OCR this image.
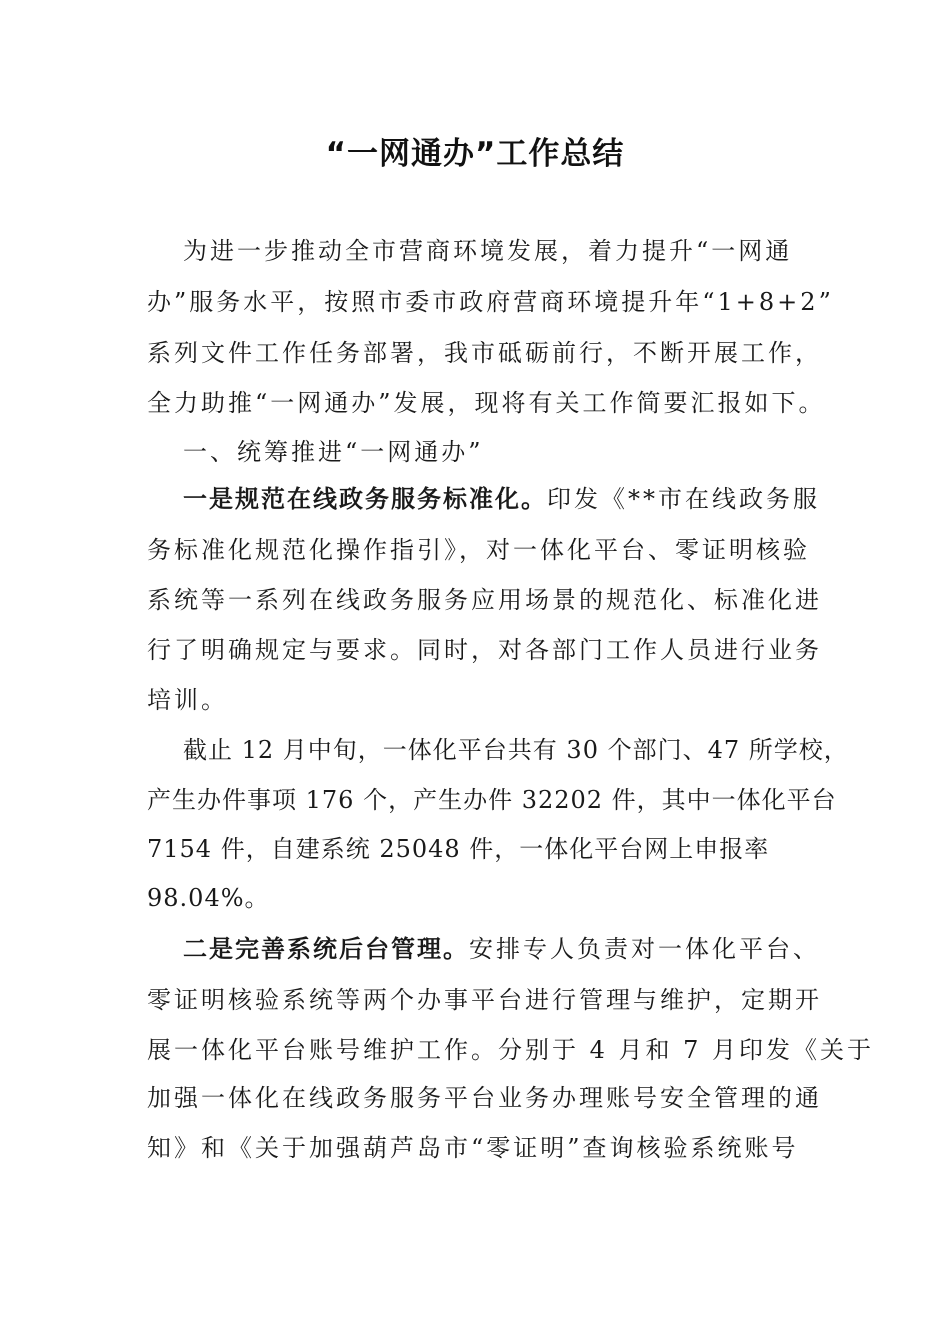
“一网通办”工作总结
为进一步推动全市营商环境发展，着力提升“一网通
办”服务水平，按照市委市政府营商环境提升年“1+8+2”
系列文件工作任务部署，我市砥砺前行，不断开展工作，
全力助推“一网通办”发展，现将有关工作简要汇报如下。
一、统筹推进“一网通办”
一是规范在线政务服务标准化。印发《**市在线政务服
务标准化规范化操作指引》，对一体化平台、零证明核验
系统等一系列在线政务服务应用场景的规范化、标准化进
行了明确规定与要求。同时，对各部门工作人员进行业务
培训。
截止 12 月中旬，一体化平台共有 30 个部门、47 所学校，
产生办件事项 176 个，产生办件 32202 件，其中一体化平台
7154 件，自建系统 25048 件，一体化平台网上申报率
98.04%。
二是完善系统后台管理。安排专人负责对一体化平台、
零证明核验系统等两个办事平台进行管理与维护，定期开
展一体化平台账号维护工作。分别于 4 月和 7 月印发《关于
加强一体化在线政务服务平台业务办理账号安全管理的通
知》和《关于加强葫芦岛市“零证明”查询核验系统账号
